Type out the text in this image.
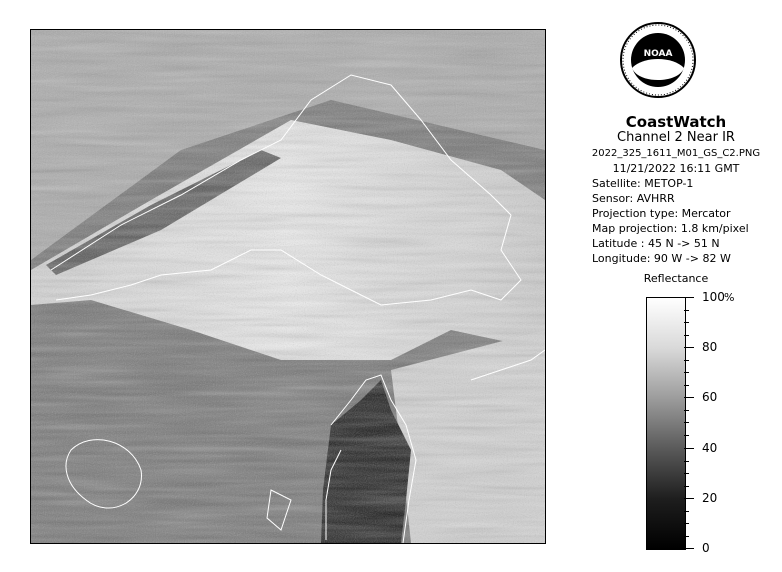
NOAA
CoastWatch
Channel 2 Near IR
2022_325_1611_M01_GS_C2.PNG
11/21/2022 16:11 GMT
Satellite: METOP-1
Sensor: AVHRR
Projection type: Mercator
Map projection: 1.8 km/pixel
Latitude : 45 N -> 51 N
Longitude: 90 W -> 82 W
Reflectance
%
100
80
60
40
20
0
